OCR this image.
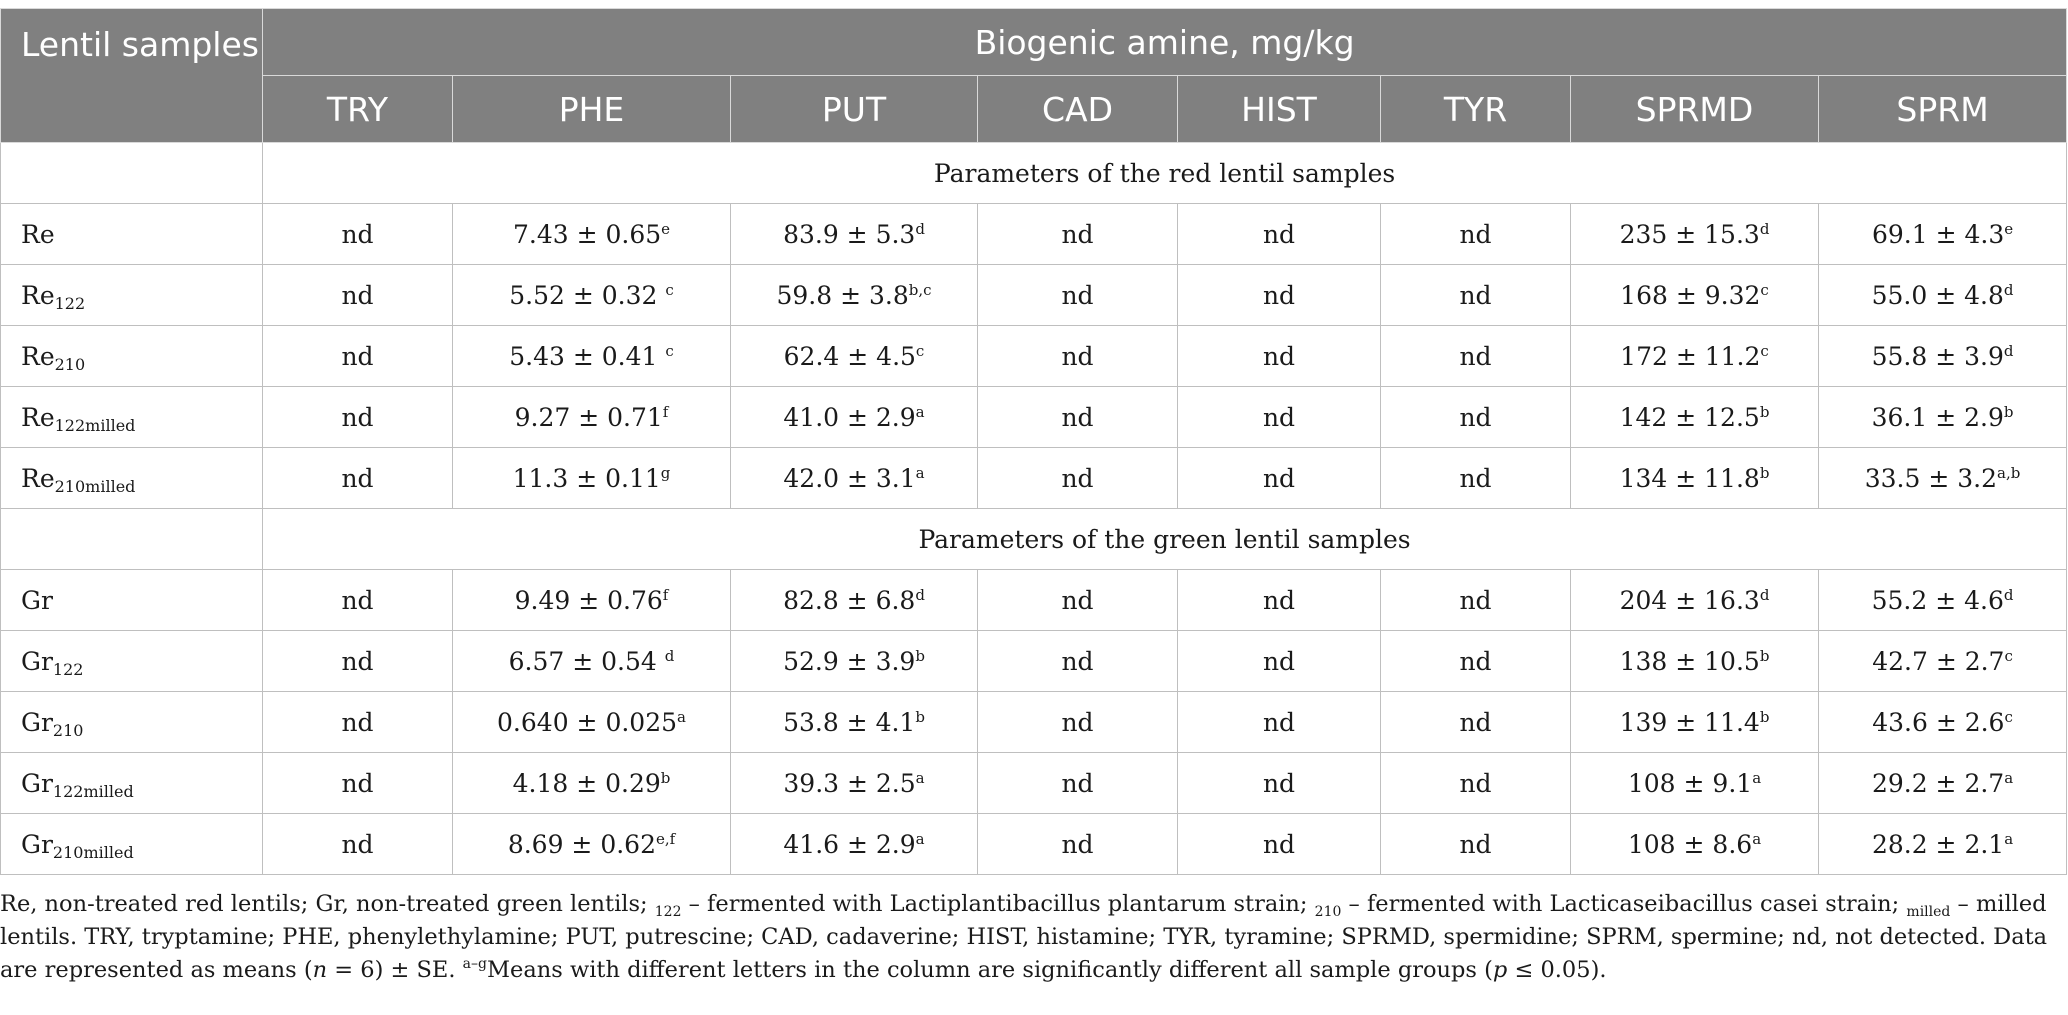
Lentil samples	Biogenic amine, mg/kg							
	TRY	PHE	PUT	CAD	HIST	TYR	SPRMD	SPRM
	Parameters of the red lentil samples							
Re	nd	7.43 ± 0.65$^e$	83.9 ± 5.3$^d$	nd	nd	nd	235 ± 15.3$^d$	69.1 ± 4.3$^e$
$Re_{122}$	nd	5.52 ± 0.32 $^c$	$59.8 \pm 3.8^{b,c}$	nd	nd	nd	168 ± 9.32$^c$	55.0 ± 4.8$^d$
$Re_{210}$	nd	5.43 ± 0.41 $^c$	62.4 ± 4.5$^c$	nd	nd	nd	172 ± 11.2$^c$	55.8 ± 3.9$^d$
$Re_{122milled}$	nd	9.27 ± 0.71$^f$	41.0 ± 2.9$^a$	nd	nd	nd	142 ± 12.5$^b$	36.1 ± 2.9$^b$
$Re_{210milled}$	nd	11.3 ± 0.11$^g$	42.0 ± 3.1$^a$	nd	nd	nd	134 ± 11.8$^b$	$33.5 \pm 3.2^{a,b}$
	Parameters of the green lentil samples							
Gr	nd	9.49 ± 0.76$^f$	82.8 ± 6.8$^d$	nd	nd	nd	204 ± 16.3$^d$	55.2 ± 4.6$^d$
$Gr_{122}$	nd	6.57 ± 0.54 $^d$	52.9 ± 3.9$^b$	nd	nd	nd	138 ± 10.5$^b$	42.7 ± 2.7$^c$
$Gr_{210}$	nd	0.640 ± 0.025$^a$	53.8 ± 4.1$^b$	nd	nd	nd	139 ± 11.4$^b$	43.6 ± 2.6$^c$
$Gr_{122milled}$	nd	4.18 ± 0.29$^b$	39.3 ± 2.5$^a$	nd	nd	nd	108 ± 9.1$^a$	29.2 ± 2.7$^a$
$Gr_{210milled}$	nd	$8.69 \pm 0.62^{e,f}$	41.6 ± 2.9$^a$	nd	nd	nd	108 ± 8.6$^a$	28.2 ± 2.1$^a$
Re, non-treated red lentils; Gr, non-treated green lentils; $_{122}$ – fermented with Lactiplantibacillus plantarum strain; $_{210}$ – fermented with Lacticaseibacillus casei strain; $_{milled}$ – milled lentils. TRY, tryptamine; PHE, phenylethylamine; PUT, putrescine; CAD, cadaverine; HIST, histamine; TYR, tyramine; SPRMD, spermidine; SPRM, spermine; nd, not detected. Data are represented as means (n = 6) ± SE. $^{a-g}$Means with different letters in the column are significantly different all sample groups (p ≤ 0.05).
